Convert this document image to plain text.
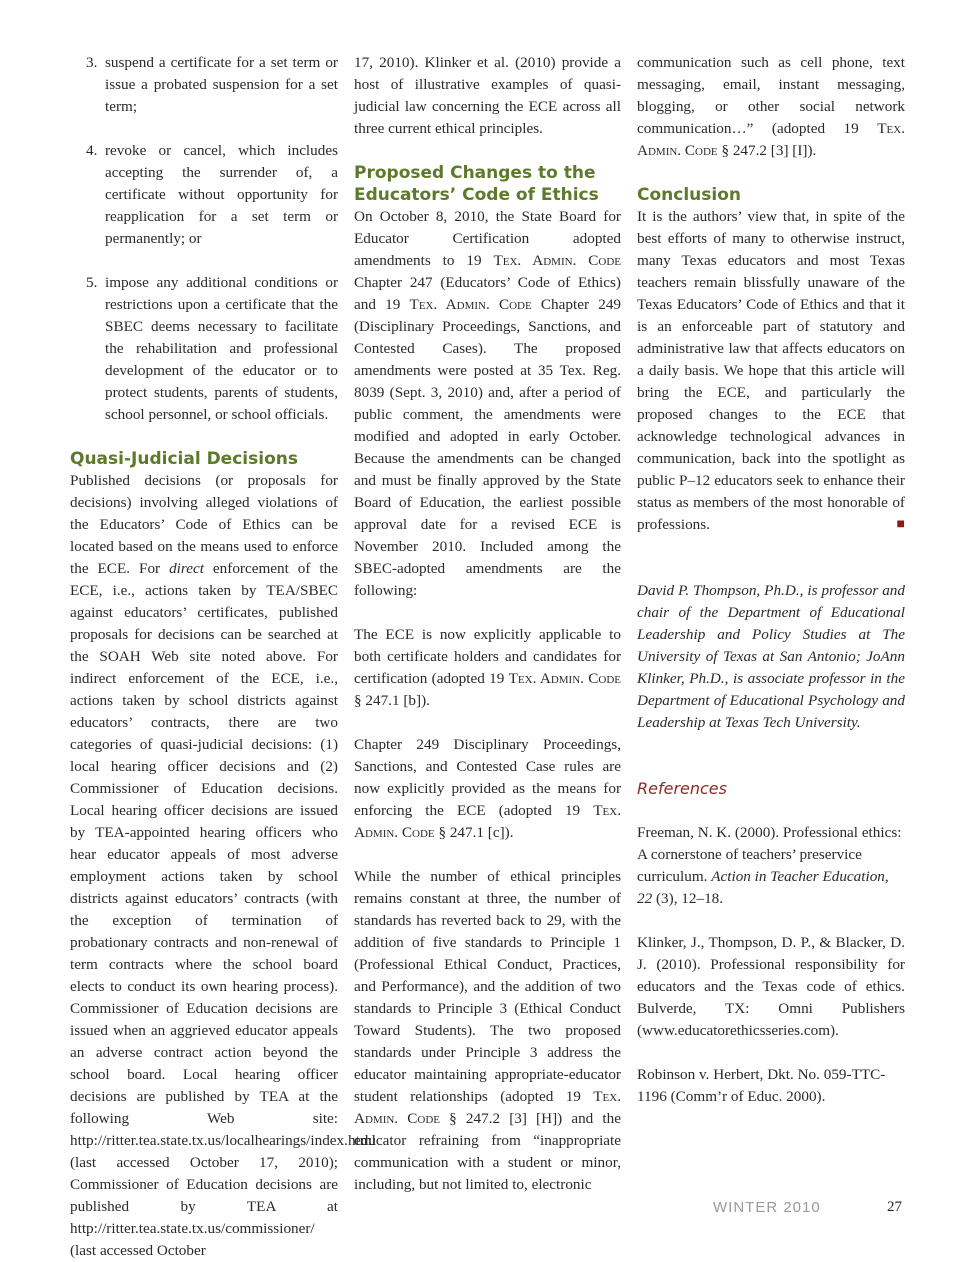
3. suspend a certificate for a set term or issue a probated suspension for a set term;
4. revoke or cancel, which includes accepting the surrender of, a certificate without opportunity for reapplication for a set term or permanently; or
5. impose any additional conditions or restrictions upon a certificate that the SBEC deems necessary to facilitate the rehabilitation and professional development of the educator or to protect students, parents of students, school personnel, or school officials.
Quasi-Judicial Decisions

Published decisions (or proposals for decisions) involving alleged violations of the Educators’ Code of Ethics can be located based on the means used to enforce the ECE. For direct enforcement of the ECE, i.e., actions taken by TEA/SBEC against educators’ certificates, published proposals for decisions can be searched at the SOAH Web site noted above. For indirect enforcement of the ECE, i.e., actions taken by school districts against educators’ contracts, there are two categories of quasi-judicial decisions: (1) local hearing officer decisions and (2) Commissioner of Education decisions. Local hearing officer decisions are issued by TEA-appointed hearing officers who hear educator appeals of most adverse employment actions taken by school districts against educators’ contracts (with the exception of termination of probationary contracts and non-renewal of term contracts where the school board elects to conduct its own hearing process). Commissioner of Education decisions are issued when an aggrieved educator appeals an adverse contract action beyond the school board. Local hearing officer decisions are published by TEA at the following Web site: http://ritter.tea.state.tx.us/localhearings/index.html (last accessed October 17, 2010); Commissioner of Education decisions are published by TEA at http://ritter.tea.state.tx.us/commissioner/ (last accessed October

17, 2010). Klinker et al. (2010) provide a host of illustrative examples of quasi-judicial law concerning the ECE across all three current ethical principles.

Proposed Changes to the Educators’ Code of Ethics

On October 8, 2010, the State Board for Educator Certification adopted amendments to 19 Tex. Admin. Code Chapter 247 (Educators’ Code of Ethics) and 19 Tex. Admin. Code Chapter 249 (Disciplinary Proceedings, Sanctions, and Contested Cases). The proposed amendments were posted at 35 Tex. Reg. 8039 (Sept. 3, 2010) and, after a period of public comment, the amendments were modified and adopted in early October. Because the amendments can be changed and must be finally approved by the State Board of Education, the earliest possible approval date for a revised ECE is November 2010. Included among the SBEC-adopted amendments are the following:

The ECE is now explicitly applicable to both certificate holders and candidates for certification (adopted 19 Tex. Admin. Code § 247.1 [b]).

Chapter 249 Disciplinary Proceedings, Sanctions, and Contested Case rules are now explicitly provided as the means for enforcing the ECE (adopted 19 Tex. Admin. Code § 247.1 [c]).

While the number of ethical principles remains constant at three, the number of standards has reverted back to 29, with the addition of five standards to Principle 1 (Professional Ethical Conduct, Practices, and Performance), and the addition of two standards to Principle 3 (Ethical Conduct Toward Students). The two proposed standards under Principle 3 address the educator maintaining appropriate-educator student relationships (adopted 19 Tex. Admin. Code § 247.2 [3] [H]) and the educator refraining from “inappropriate communication with a student or minor, including, but not limited to, electronic

communication such as cell phone, text messaging, email, instant messaging, blogging, or other social network communication…” (adopted 19 Tex. Admin. Code § 247.2 [3] [I]).

Conclusion

It is the authors’ view that, in spite of the best efforts of many to otherwise instruct, many Texas educators and most Texas teachers remain blissfully unaware of the Texas Educators’ Code of Ethics and that it is an enforceable part of statutory and administrative law that affects educators on a daily basis. We hope that this article will bring the ECE, and particularly the proposed changes to the ECE that acknowledge technological advances in communication, back into the spotlight as public P–12 educators seek to enhance their status as members of the most honorable of professions.	■

David P. Thompson, Ph.D., is professor and chair of the Department of Educational Leadership and Policy Studies at The University of Texas at San Antonio; JoAnn Klinker, Ph.D., is associate professor in the Department of Educational Psychology and Leadership at Texas Tech University.

References

Freeman, N. K. (2000). Professional ethics: A cornerstone of teachers’ preservice curriculum. Action in Teacher Education, 22 (3), 12–18.

Klinker, J., Thompson, D. P., & Blacker, D. J. (2010). Professional responsibility for educators and the Texas code of ethics. Bulverde, TX: Omni Publishers (www.educatorethicsseries.com).

Robinson v. Herbert, Dkt. No. 059-TTC-1196 (Comm’r of Educ. 2000).

WINTER 2010	27
